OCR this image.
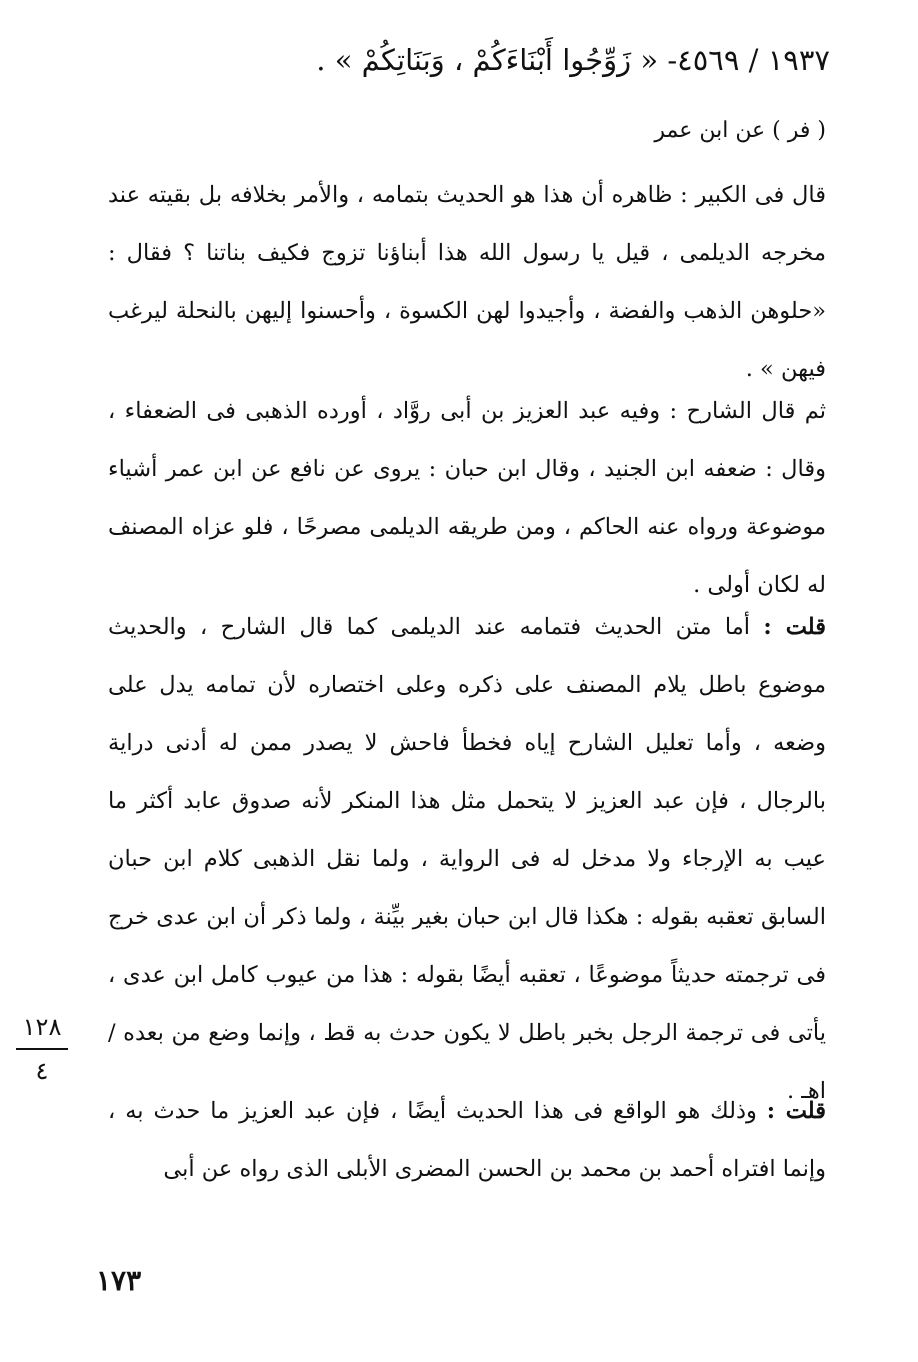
١٩٣٧ / ٤٥٦٩- « زَوِّجُوا أَبْنَاءَكُمْ ، وَبَنَاتِكُمْ » .
( فر ) عن ابن عمر

قال فى الكبير : ظاهره أن هذا هو الحديث بتمامه ، والأمر بخلافه بل بقيته عند مخرجه الديلمى ، قيل يا رسول الله هذا أبناؤنا تزوج فكيف بناتنا ؟ فقال : «حلوهن الذهب والفضة ، وأجيدوا لهن الكسوة ، وأحسنوا إليهن بالنحلة ليرغب فيهن » .

ثم قال الشارح : وفيه عبد العزيز بن أبى روَّاد ، أورده الذهبى فى الضعفاء ، وقال : ضعفه ابن الجنيد ، وقال ابن حبان : يروى عن نافع عن ابن عمر أشياء موضوعة ورواه عنه الحاكم ، ومن طريقه الديلمى مصرحًا ، فلو عزاه المصنف له لكان أولى .

قلت : أما متن الحديث فتمامه عند الديلمى كما قال الشارح ، والحديث موضوع باطل يلام المصنف على ذكره وعلى اختصاره لأن تمامه يدل على وضعه ، وأما تعليل الشارح إياه فخطأ فاحش لا يصدر ممن له أدنى دراية بالرجال ، فإن عبد العزيز لا يتحمل مثل هذا المنكر لأنه صدوق عابد أكثر ما عيب به الإرجاء ولا مدخل له فى الرواية ، ولما نقل الذهبى كلام ابن حبان السابق تعقبه بقوله : هكذا قال ابن حبان بغير بيِّنة ، ولما ذكر أن ابن عدى خرج فى ترجمته حديثاً موضوعًا ، تعقبه أيضًا بقوله : هذا من عيوب كامل ابن عدى ، يأتى فى ترجمة الرجل بخبر باطل لا يكون حدث به قط ، وإنما وضع من بعده / اهـ .

قلت : وذلك هو الواقع فى هذا الحديث أيضًا ، فإن عبد العزيز ما حدث به ، وإنما افتراه أحمد بن محمد بن الحسن المضرى الأبلى الذى رواه عن أبى

١٢٨
٤
١٧٣
